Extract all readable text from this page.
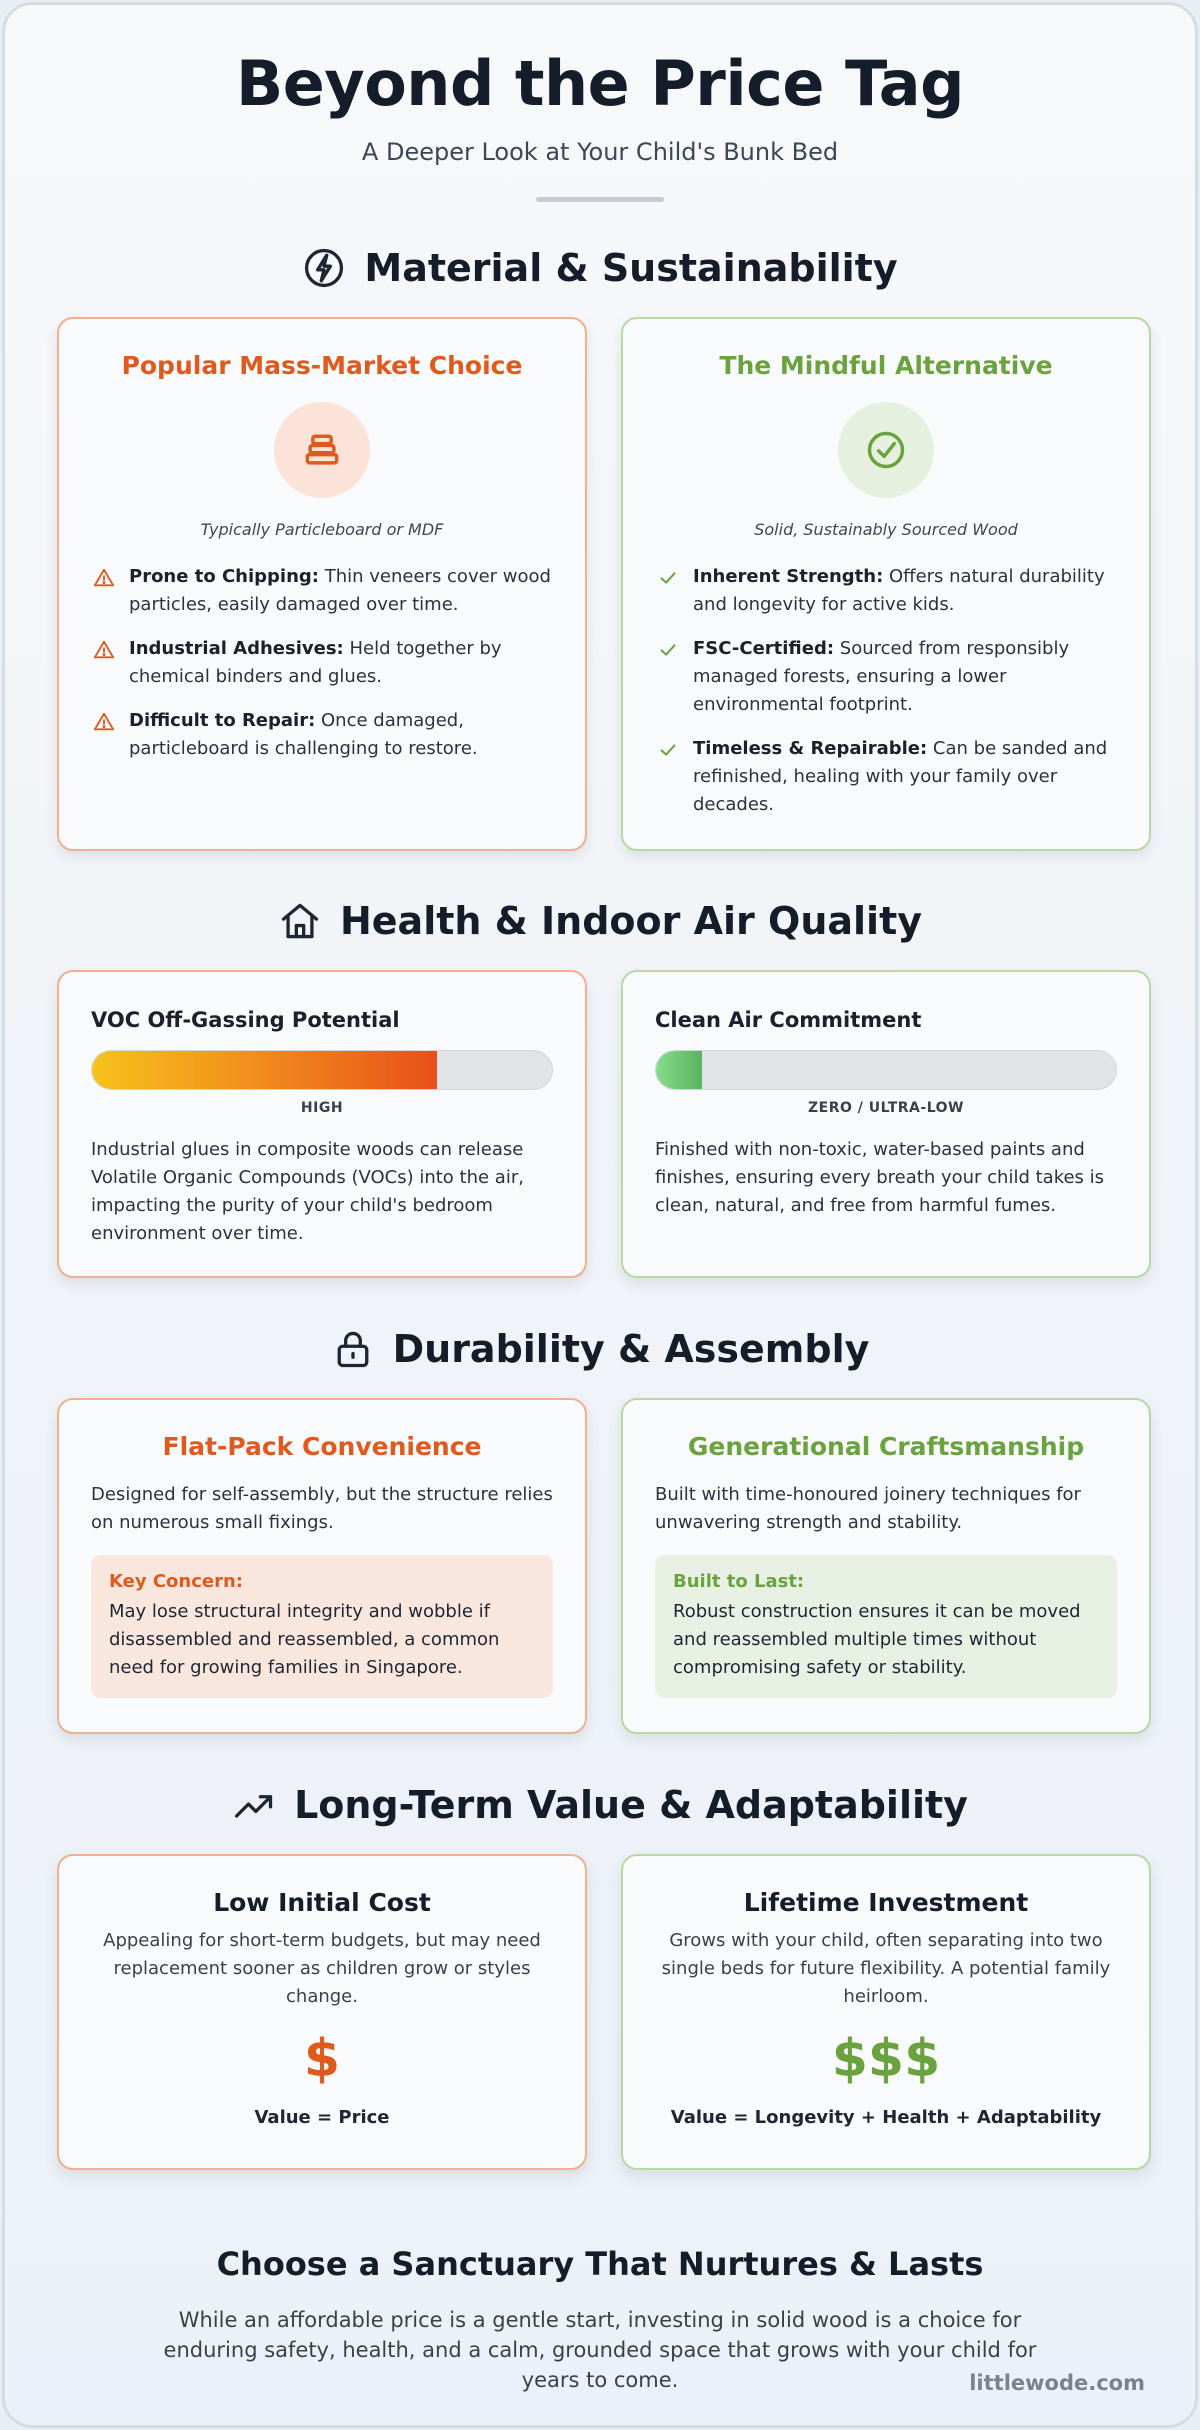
Beyond the Price Tag
A Deeper Look at Your Child's Bunk Bed
Material & Sustainability
Popular Mass-Market Choice
Typically Particleboard or MDF
Prone to Chipping: Thin veneers cover wood particles, easily damaged over time.
Industrial Adhesives: Held together by chemical binders and glues.
Difficult to Repair: Once damaged, particleboard is challenging to restore.
The Mindful Alternative
Solid, Sustainably Sourced Wood
Inherent Strength: Offers natural durability and longevity for active kids.
FSC-Certified: Sourced from responsibly managed forests, ensuring a lower environmental footprint.
Timeless & Repairable: Can be sanded and refinished, healing with your family over decades.
Health & Indoor Air Quality
VOC Off-Gassing Potential
HIGH
Industrial glues in composite woods can release Volatile Organic Compounds (VOCs) into the air, impacting the purity of your child's bedroom environment over time.
Clean Air Commitment
ZERO / ULTRA-LOW
Finished with non-toxic, water-based paints and finishes, ensuring every breath your child takes is clean, natural, and free from harmful fumes.
Durability & Assembly
Flat-Pack Convenience
Designed for self-assembly, but the structure relies on numerous small fixings.
Key Concern:
May lose structural integrity and wobble if disassembled and reassembled, a common need for growing families in Singapore.
Generational Craftsmanship
Built with time-honoured joinery techniques for unwavering strength and stability.
Built to Last:
Robust construction ensures it can be moved and reassembled multiple times without compromising safety or stability.
Long-Term Value & Adaptability
Low Initial Cost
Appealing for short-term budgets, but may need replacement sooner as children grow or styles change.
$
Value = Price
Lifetime Investment
Grows with your child, often separating into two single beds for future flexibility. A potential family heirloom.
$$$
Value = Longevity + Health + Adaptability
Choose a Sanctuary That Nurtures & Lasts
While an affordable price is a gentle start, investing in solid wood is a choice for enduring safety, health, and a calm, grounded space that grows with your child for years to come.	littlewode.com
